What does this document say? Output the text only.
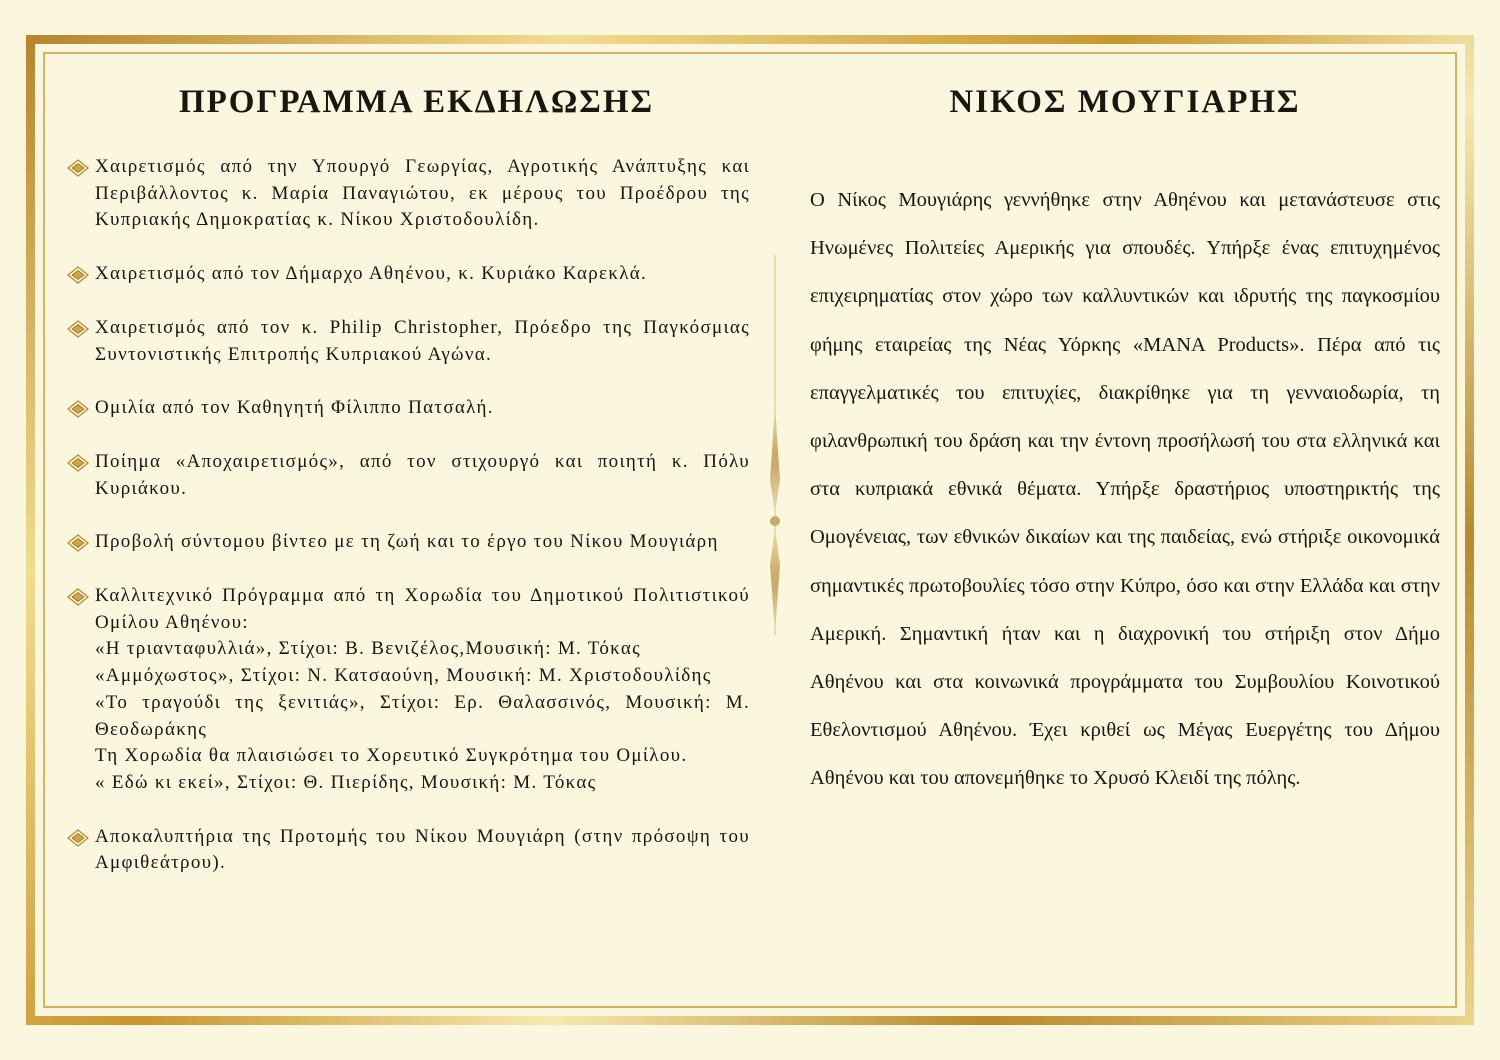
ΠΡΟΓΡΑΜΜΑ ΕΚΔΗΛΩΣΗΣ
Χαιρετισμός από την Υπουργό Γεωργίας, Αγροτικής Ανάπτυξης και Περιβάλλοντος κ. Μαρία Παναγιώτου, εκ μέρους του Προέδρου της Κυπριακής Δημοκρατίας κ. Νίκου Χριστοδουλίδη.
Χαιρετισμός από τον Δήμαρχο Αθηένου, κ. Κυριάκο Καρεκλά.
Χαιρετισμός από τον κ. Philip Christopher, Πρόεδρο της Παγκόσμιας Συντονιστικής Επιτροπής Κυπριακού Αγώνα.
Ομιλία από τον Καθηγητή Φίλιππο Πατσαλή.
Ποίημα «Αποχαιρετισμός», από τον στιχουργό και ποιητή κ. Πόλυ Κυριάκου.
Προβολή σύντομου βίντεο με τη ζωή και το έργο του Νίκου Μουγιάρη
Καλλιτεχνικό Πρόγραμμα από τη Χορωδία του Δημοτικού Πολιτιστικού Ομίλου Αθηένου:
«Η τριανταφυλλιά», Στίχοι: Β. Βενιζέλος,Μουσική: Μ. Τόκας
«Αμμόχωστος», Στίχοι: Ν. Κατσαούνη, Μουσική: Μ. Χριστοδουλίδης
«Το τραγούδι της ξενιτιάς», Στίχοι: Ερ. Θαλασσινός, Μουσική: Μ. Θεοδωράκης
Τη Χορωδία θα πλαισιώσει το Χορευτικό Συγκρότημα του Ομίλου.
« Εδώ κι εκεί», Στίχοι: Θ. Πιερίδης, Μουσική: Μ. Τόκας
Αποκαλυπτήρια της Προτομής του Νίκου Μουγιάρη (στην πρόσοψη του Αμφιθεάτρου).
ΝΙΚΟΣ ΜΟΥΓΙΑΡΗΣ

Ο Νίκος Μουγιάρης γεννήθηκε στην Αθηένου και μετανάστευσε στις Ηνωμένες Πολιτείες Αμερικής για σπουδές. Υπήρξε ένας επιτυχημένος επιχειρηματίας στον χώρο των καλλυντικών και ιδρυτής της παγκοσμίου φήμης εταιρείας της Νέας Υόρκης «MANA Products». Πέρα από τις επαγγελματικές του επιτυχίες, διακρίθηκε για τη γενναιοδωρία, τη φιλανθρωπική του δράση και την έντονη προσήλωσή του στα ελληνικά και στα κυπριακά εθνικά θέματα. Υπήρξε δραστήριος υποστηρικτής της Ομογένειας, των εθνικών δικαίων και της παιδείας, ενώ στήριξε οικονομικά σημαντικές πρωτοβουλίες τόσο στην Κύπρο, όσο και στην Ελλάδα και στην Αμερική. Σημαντική ήταν και η διαχρονική του στήριξη στον Δήμο Αθηένου και στα κοινωνικά προγράμματα του Συμβουλίου Κοινοτικού Εθελοντισμού Αθηένου. Έχει κριθεί ως Μέγας Ευεργέτης του Δήμου Αθηένου και του απονεμήθηκε το Χρυσό Κλειδί της πόλης.
